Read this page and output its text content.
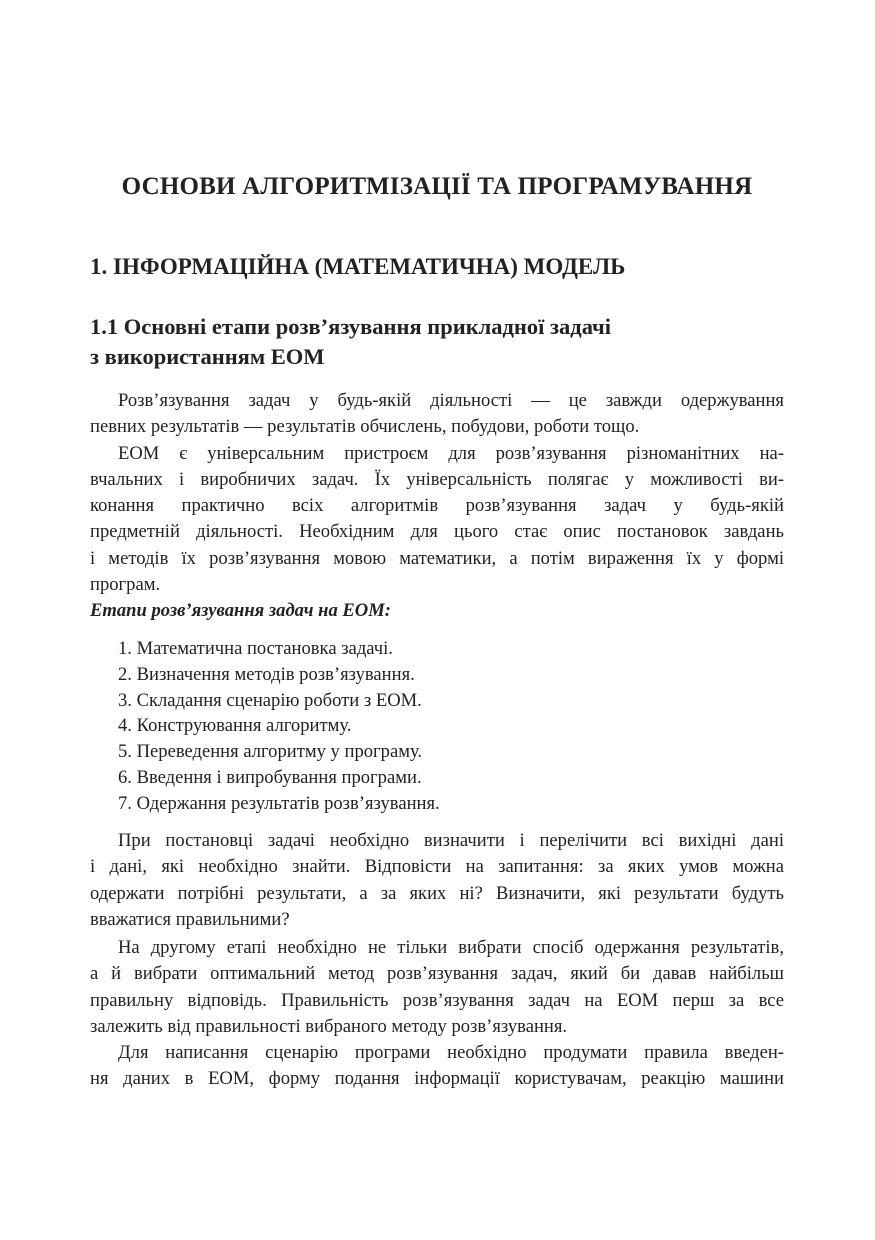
ОСНОВИ АЛГОРИТМІЗАЦІЇ ТА ПРОГРАМУВАННЯ
1. ІНФОРМАЦІЙНА (МАТЕМАТИЧНА) МОДЕЛЬ
1.1 Основні етапи розв’язування прикладної задачі
з використанням ЕОМ
Розв’язування задач у будь-якій діяльності — це завжди одержування
певних результатів — результатів обчислень, побудови, роботи тощо.
ЕОМ є універсальним пристроєм для розв’язування різноманітних на-
вчальних і виробничих задач. Їх універсальність полягає у можливості ви-
конання практично всіх алгоритмів розв’язування задач у будь-якій
предметній діяльності. Необхідним для цього стає опис постановок завдань
і методів їх розв’язування мовою математики, а потім вираження їх у формі
програм.
Етапи розв’язування задач на ЕОМ:
1. Математична постановка задачі.
2. Визначення методів розв’язування.
3. Складання сценарію роботи з ЕОМ.
4. Конструювання алгоритму.
5. Переведення алгоритму у програму.
6. Введення і випробування програми.
7. Одержання результатів розв’язування.
При постановці задачі необхідно визначити і перелічити всі вихідні дані
і дані, які необхідно знайти. Відповісти на запитання: за яких умов можна
одержати потрібні результати, а за яких ні? Визначити, які результати будуть
вважатися правильними?
На другому етапі необхідно не тільки вибрати спосіб одержання результатів,
а й вибрати оптимальний метод розв’язування задач, який би давав найбільш
правильну відповідь. Правильність розв’язування задач на ЕОМ перш за все
залежить від правильності вибраного методу розв’язування.
Для написання сценарію програми необхідно продумати правила введен-
ня даних в ЕОМ, форму подання інформації користувачам, реакцію машини
